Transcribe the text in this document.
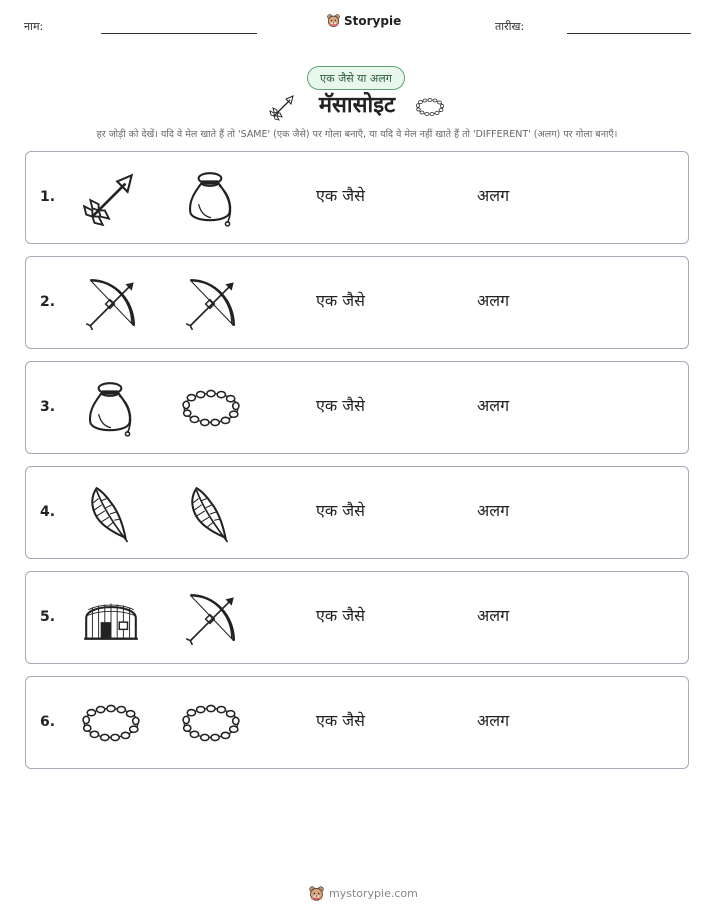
नाम:	Storypie	तारीख:
एक जैसे या अलग
मॅसासोइट
हर जोड़ी को देखें। यदि वे मेल खाते हैं तो 'SAME' (एक जैसे) पर गोला बनाएँ, या यदि वे मेल नहीं खाते हैं तो 'DIFFERENT' (अलग) पर गोला बनाएँ।
1.	एक जैसे	अलग
2.	एक जैसे	अलग
3.	एक जैसे	अलग
4.	एक जैसे	अलग
5.	एक जैसे	अलग
6.	एक जैसे	अलग
mystorypie.com
